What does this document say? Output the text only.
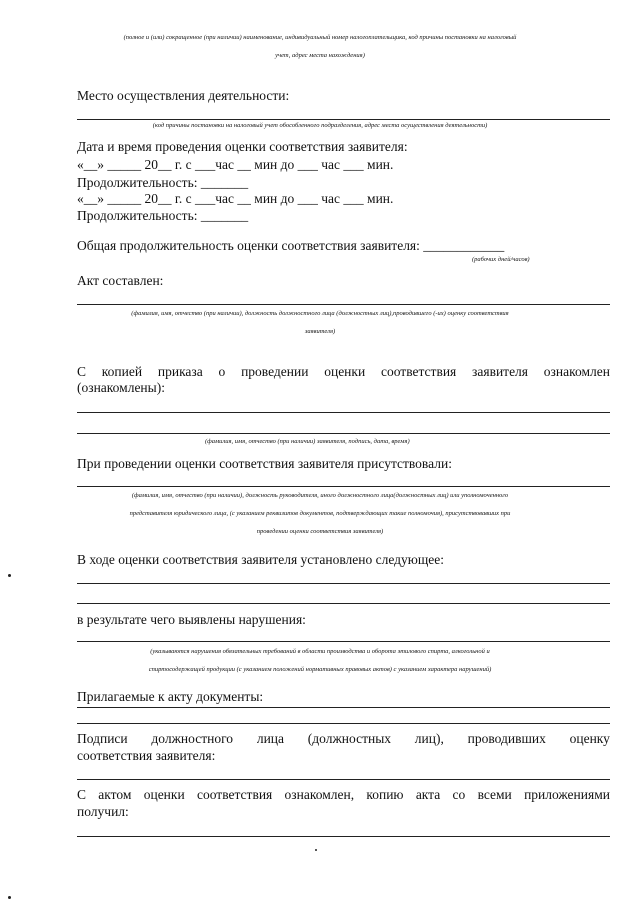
(полное и (или) сокращенное (при наличии) наименование, индивидуальный номер налогоплательщика, код причины постановки на налоговый
учет, адрес места нахождения)
Место осуществления деятельности:
(код причины постановки на налоговый учет обособленного подразделения, адрес места осуществления деятельности)
Дата и время проведения оценки соответствия заявителя:
«__» _____ 20__ г. с ___час __ мин до ___ час ___ мин.
Продолжительность: _______
«__» _____ 20__ г. с ___час __ мин до ___ час ___ мин.
Продолжительность: _______
Общая продолжительность оценки соответствия заявителя: ____________
(рабочих дней/часов)
Акт составлен:
(фамилия, имя, отчество (при наличии), должность должностного лица (должностных лиц),проводившего (-их) оценку соответствия
заявителя)
С копией приказа о проведении оценки соответствия заявителя ознакомлен
(ознакомлены):
(фамилия, имя, отчество (при наличии) заявителя, подпись, дата, время)
При проведении оценки соответствия заявителя присутствовали:
(фамилия, имя, отчество (при наличии), должность руководителя, иного должностного лица(должностных лиц) или уполномоченного
представителя юридического лица, (с указанием реквизитов документов, подтверждающих такие полномочия), присутствовавших при
проведении оценки соответствия заявителя)
В ходе оценки соответствия заявителя установлено следующее:
в результате чего выявлены нарушения:
(указываются нарушения обязательных требований в области производства и оборота этилового спирта, алкогольной и
спиртосодержащей продукции (с указанием положений нормативных правовых актов) с указанием характера нарушений)
Прилагаемые к акту документы:
Подписи должностного лица (должностных лиц), проводивших оценку
соответствия заявителя:
С актом оценки соответствия ознакомлен, копию акта со всеми приложениями
получил:
